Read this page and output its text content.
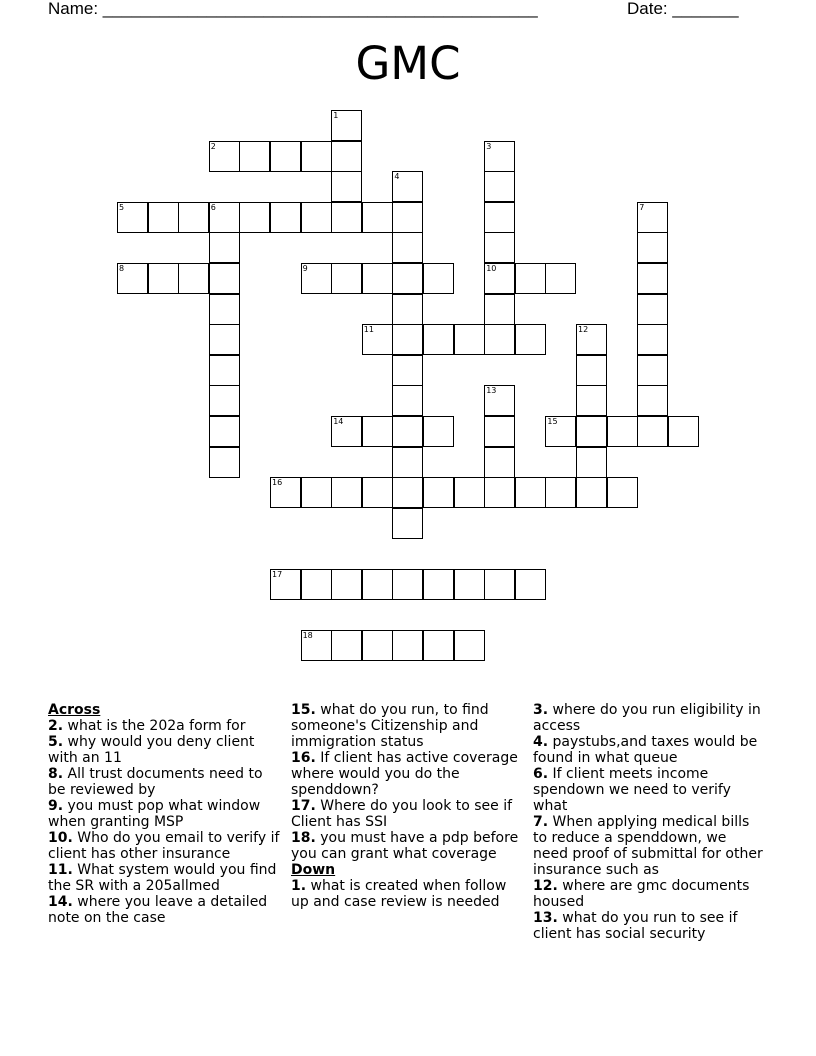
Name: ______________________________________________	Date: _______
GMC
2
5	6
8	9	10
11
14	15
16
17
18
1
3
4
7
12
13
Across
2. what is the 202a form for
5. why would you deny client with an 11
8. All trust documents need to be reviewed by
9. you must pop what window when granting MSP
10. Who do you email to verify if client has other insurance
11. What system would you find the SR with a 205allmed
14. where you leave a detailed note on the case
15. what do you run, to find someone's Citizenship and immigration status
16. If client has active coverage where would you do the spenddown?
17. Where do you look to see if Client has SSI
18. you must have a pdp before you can grant what coverage
Down
1. what is created when follow up and case review is needed
3. where do you run eligibility in access
4. paystubs,and taxes would be found in what queue
6. If client meets income spendown we need to verify what
7. When applying medical bills to reduce a spenddown, we need proof of submittal for other insurance such as
12. where are gmc documents housed
13. what do you run to see if client has social security
